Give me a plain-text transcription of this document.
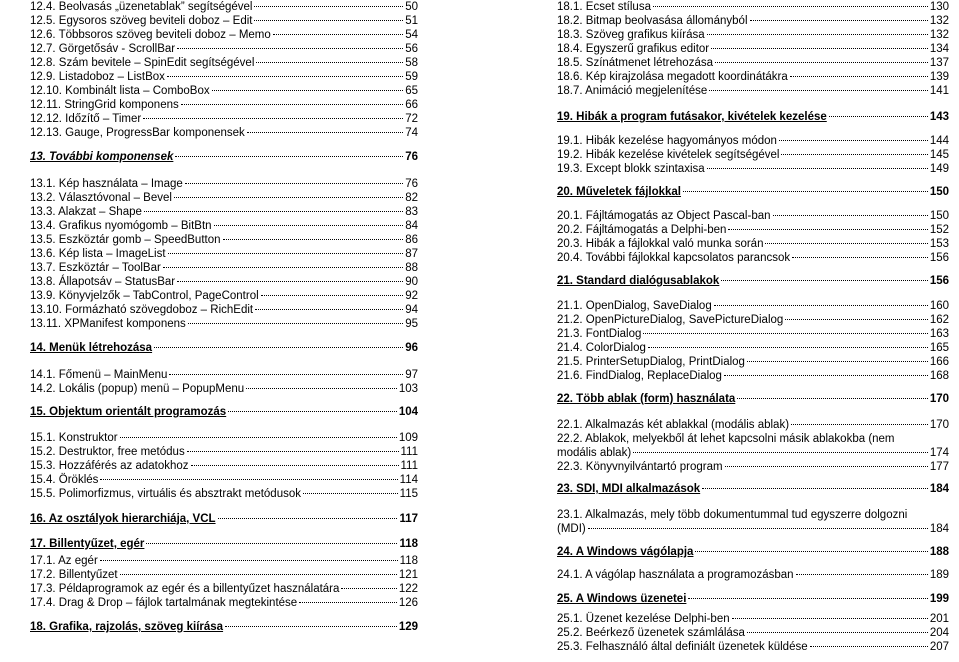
12.4. Beolvasás „üzenetablak” segítségével	50
12.5. Egysoros szöveg beviteli doboz – Edit	51
12.6. Többsoros szöveg beviteli doboz – Memo	54
12.7. Görgetősáv - ScrollBar	56
12.8. Szám bevitele – SpinEdit segítségével	58
12.9. Listadoboz – ListBox	59
12.10. Kombinált lista – ComboBox	65
12.11. StringGrid komponens	66
12.12. Időzítő – Timer	72
12.13. Gauge, ProgressBar komponensek	74
13. További komponensek	76
13.1. Kép használata – Image	76
13.2. Választóvonal – Bevel	82
13.3. Alakzat – Shape	83
13.4. Grafikus nyomógomb – BitBtn	84
13.5. Eszköztár gomb – SpeedButton	86
13.6. Kép lista – ImageList	87
13.7. Eszköztár – ToolBar	88
13.8. Állapotsáv – StatusBar	90
13.9. Könyvjelzők – TabControl, PageControl	92
13.10. Formázható szövegdoboz – RichEdit	94
13.11. XPManifest komponens	95
14. Menük létrehozása	96
14.1. Főmenü – MainMenu	97
14.2. Lokális (popup) menü – PopupMenu	103
15. Objektum orientált programozás	104
15.1. Konstruktor	109
15.2. Destruktor, free metódus	111
15.3. Hozzáférés az adatokhoz	111
15.4. Öröklés	114
15.5. Polimorfizmus, virtuális és absztrakt metódusok	115
16. Az osztályok hierarchiája, VCL	117
17. Billentyűzet, egér	118
17.1. Az egér	118
17.2. Billentyűzet	121
17.3. Példaprogramok az egér és a billentyűzet használatára	122
17.4. Drag & Drop – fájlok tartalmának megtekintése	126
18. Grafika, rajzolás, szöveg kiírása	129
18.1. Ecset stílusa	130
18.2. Bitmap beolvasása állományból	132
18.3. Szöveg grafikus kiírása	132
18.4. Egyszerű grafikus editor	134
18.5. Színátmenet létrehozása	137
18.6. Kép kirajzolása megadott koordinátákra	139
18.7. Animáció megjelenítése	141
19. Hibák a program futásakor, kivételek kezelése	143
19.1. Hibák kezelése hagyományos módon	144
19.2. Hibák kezelése kivételek segítségével	145
19.3. Except blokk szintaxisa	149
20. Műveletek fájlokkal	150
20.1. Fájltámogatás az Object Pascal-ban	150
20.2. Fájltámogatás a Delphi-ben	152
20.3. Hibák a fájlokkal való munka során	153
20.4. További fájlokkal kapcsolatos parancsok	156
21. Standard dialógusablakok	156
21.1. OpenDialog, SaveDialog	160
21.2. OpenPictureDialog, SavePictureDialog	162
21.3. FontDialog	163
21.4. ColorDialog	165
21.5. PrinterSetupDialog, PrintDialog	166
21.6. FindDialog, ReplaceDialog	168
22. Több ablak (form) használata	170
22.1. Alkalmazás két ablakkal (modális ablak)	170
22.2. Ablakok, melyekből át lehet kapcsolni másik ablakokba (nem
modális ablak)	174
22.3. Könyvnyilvántartó program	177
23. SDI, MDI alkalmazások	184
23.1. Alkalmazás, mely több dokumentummal tud egyszerre dolgozni
(MDI)	184
24. A Windows vágólapja	188
24.1. A vágólap használata a programozásban	189
25. A Windows üzenetei	199
25.1. Üzenet kezelése Delphi-ben	201
25.2. Beérkező üzenetek számlálása	204
25.3. Felhasználó által definiált üzenetek küldése	207
